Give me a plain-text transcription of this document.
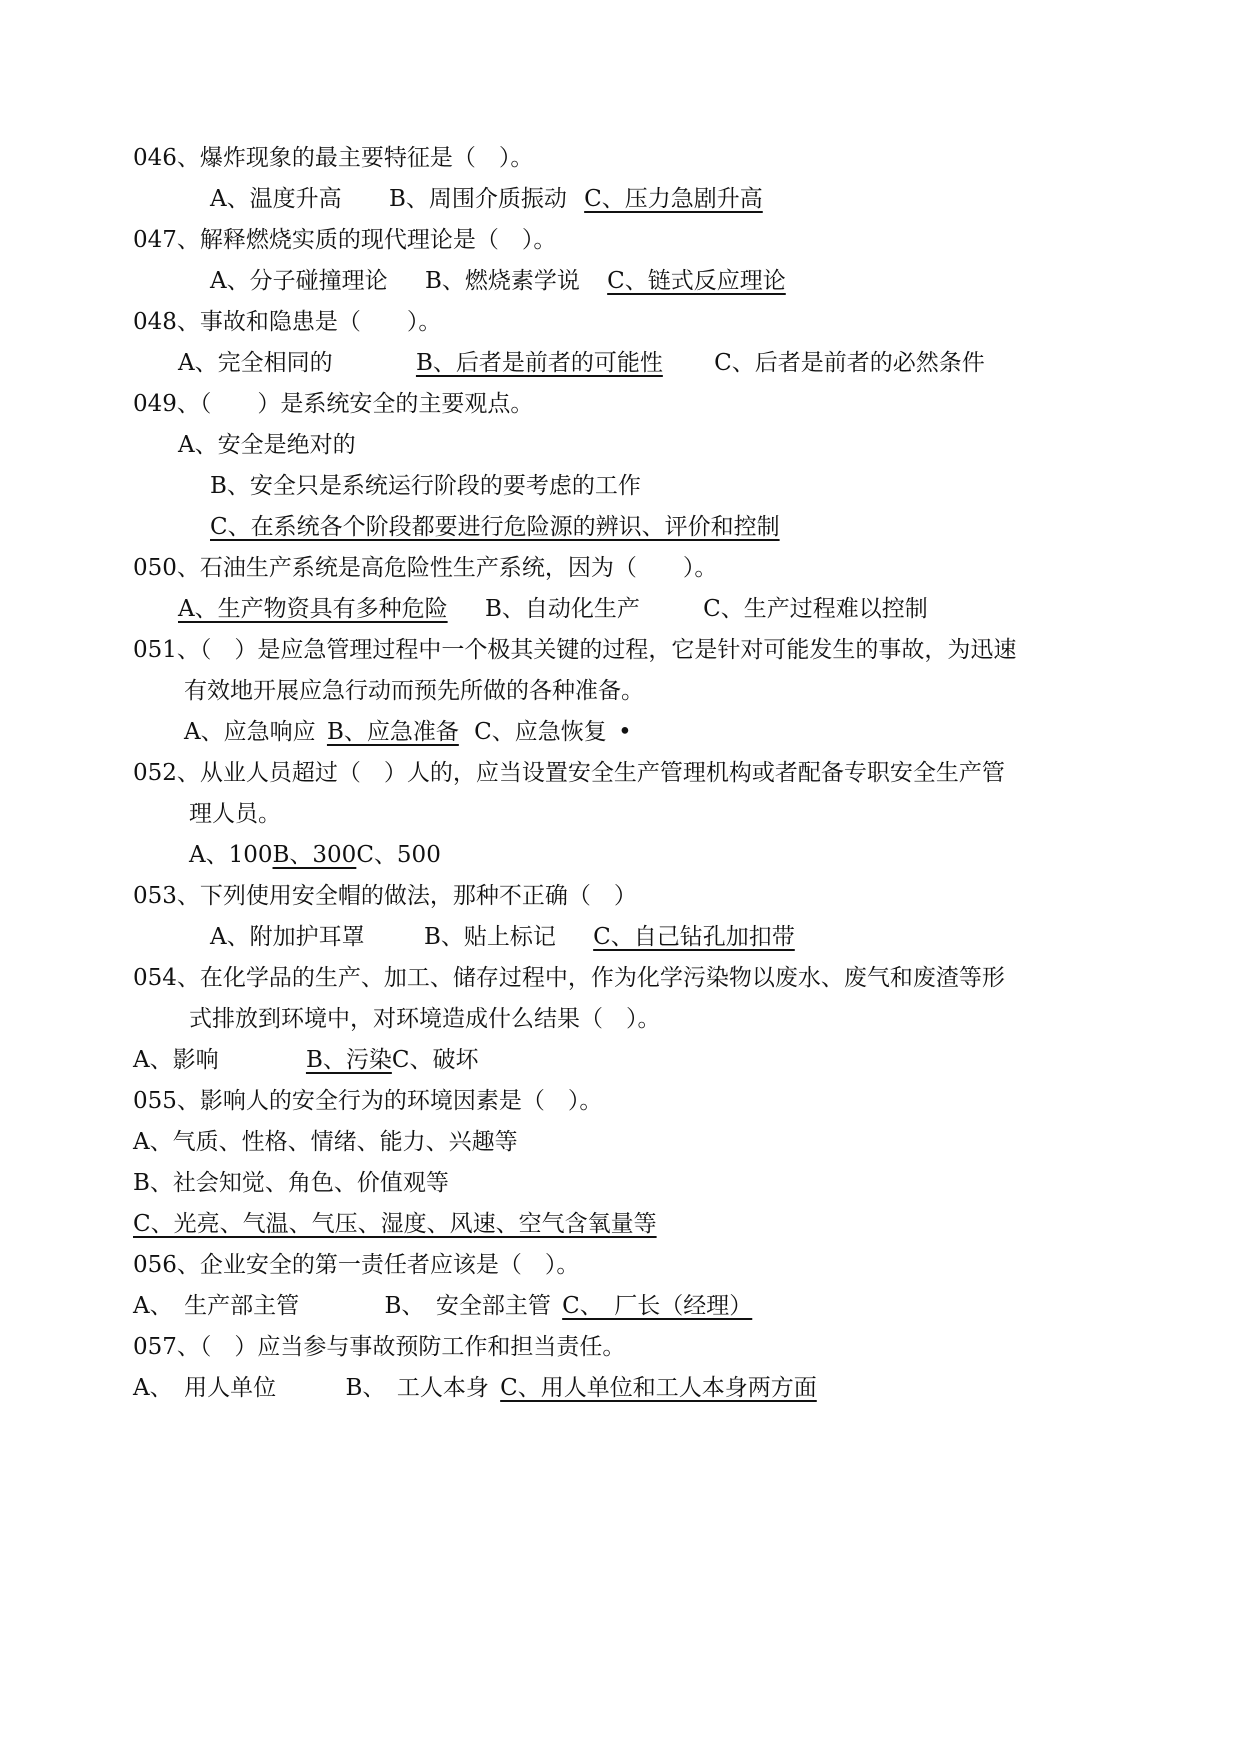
046、爆炸现象的最主要特征是（　）。
A、温度升高 B、周围介质振动 C、压力急剧升高
047、解释燃烧实质的现代理论是（　）。
A、分子碰撞理论 B、燃烧素学说 C、链式反应理论
048、事故和隐患是（　　）。
A、完全相同的	B、后者是前者的可能性 C、后者是前者的必然条件
049、（　　）是系统安全的主要观点。
A、安全是绝对的
B、安全只是系统运行阶段的要考虑的工作
C、在系统各个阶段都要进行危险源的辨识、评价和控制
050、石油生产系统是高危险性生产系统，因为（　　）。
A、生产物资具有多种危险 B、自动化生产	C、生产过程难以控制
051、（　）是应急管理过程中一个极其关键的过程，它是针对可能发生的事故，为迅速
有效地开展应急行动而预先所做的各种准备。
A、应急响应 B、应急准备 C、应急恢复 •
052、从业人员超过（　）人的，应当设置安全生产管理机构或者配备专职安全生产管
理人员。
A、100B、300C、500
053、下列使用安全帽的做法，那种不正确（　）
A、附加护耳罩	B、贴上标记 C、自己钻孔加扣带
054、在化学品的生产、加工、储存过程中，作为化学污染物以废水、废气和废渣等形
式排放到环境中，对环境造成什么结果（　）。
A、影响	B、污染C、破坏
055、影响人的安全行为的环境因素是（　）。
A、气质、性格、情绪、能力、兴趣等
B、社会知觉、角色、价值观等
C、光亮、气温、气压、湿度、风速、空气含氧量等
056、企业安全的第一责任者应该是（　）。
A、　生产部主管	B、　安全部主管 C、　厂长（经理）
057、（　）应当参与事故预防工作和担当责任。
A、　用人单位	B、　工人本身 C、用人单位和工人本身两方面
